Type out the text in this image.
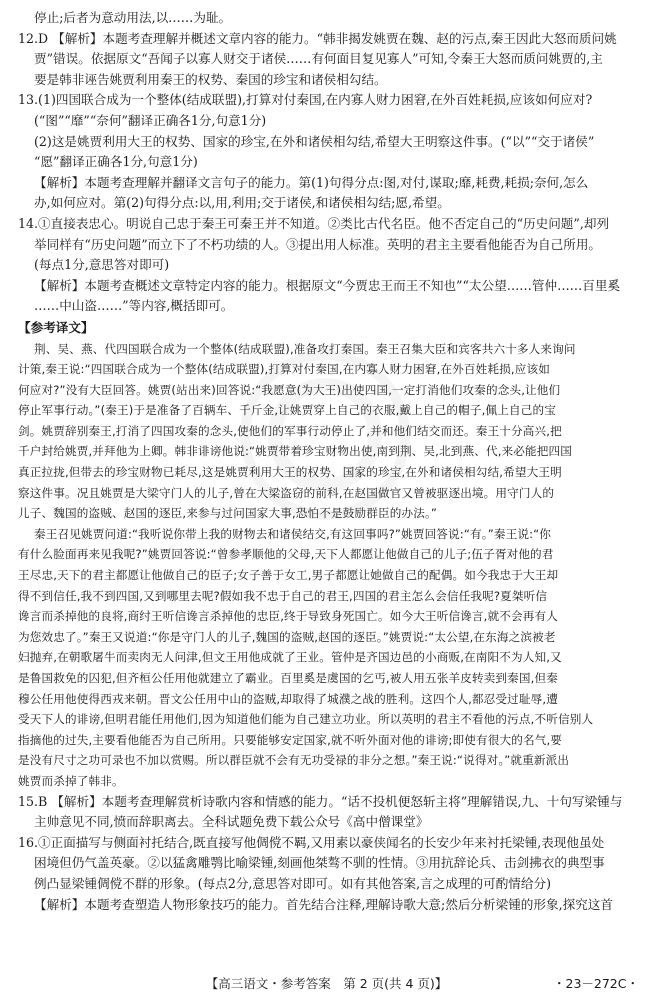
停止;后者为意动用法,以……为耻。
12.D 【解析】本题考查理解并概述文章内容的能力。“韩非揭发姚贾在魏、赵的污点,秦王因此大怒而质问姚
贾”错误。依据原文“吾闻子以寡人财交于诸侯……有何面目复见寡人”可知,令秦王大怒而质问姚贾的,主
要是韩非诬告姚贾利用秦王的权势、秦国的珍宝和诸侯相勾结。
13.(1)四国联合成为一个整体(结成联盟),打算对付秦国,在内寡人财力困窘,在外百姓耗损,应该如何应对?
(“图”“靡”“奈何”翻译正确各1分,句意1分)
(2)这是姚贾利用大王的权势、国家的珍宝,在外和诸侯相勾结,希望大王明察这件事。(“以”“交于诸侯”
“愿”翻译正确各1分,句意1分)
【解析】本题考查理解并翻译文言句子的能力。第(1)句得分点:图,对付,谋取;靡,耗费,耗损;奈何,怎么
办,如何应对。第(2)句得分点:以,用,利用;交于诸侯,和诸侯相勾结;愿,希望。
14.①直接表忠心。明说自己忠于秦王可秦王并不知道。②类比古代名臣。他不否定自己的“历史问题”,却列
举同样有“历史问题”而立下了不朽功绩的人。③提出用人标准。英明的君主主要看他能否为自己所用。
(每点1分,意思答对即可)
【解析】本题考查概述文章特定内容的能力。根据原文“今贾忠王而王不知也”“太公望……管仲……百里奚
……中山盗……”等内容,概括即可。
【参考译文】
荆、吴、燕、代四国联合成为一个整体(结成联盟),准备攻打秦国。秦王召集大臣和宾客共六十多人来询问
计策,秦王说:“四国联合成为一个整体(结成联盟),打算对付秦国,在内寡人财力困窘,在外百姓耗损,应该如
何应对?”没有大臣回答。姚贾(站出来)回答说:“我愿意(为大王)出使四国,一定打消他们攻秦的念头,让他们
停止军事行动。”(秦王)于是准备了百辆车、千斤金,让姚贾穿上自己的衣服,戴上自己的帽子,佩上自己的宝
剑。姚贾辞别秦王,打消了四国攻秦的念头,使他们的军事行动停止了,并和他们结交而还。秦王十分高兴,把
千户封给姚贾,并拜他为上卿。韩非诽谤他说:“姚贾带着珍宝财物出使,南到荆、吴,北到燕、代,来必能把四国
真正拉拢,但带去的珍宝财物已耗尽,这是姚贾利用大王的权势、国家的珍宝,在外和诸侯相勾结,希望大王明
察这件事。况且姚贾是大梁守门人的儿子,曾在大梁盗窃的前科,在赵国做官又曾被驱逐出境。用守门人的
儿子、魏国的盗贼、赵国的逐臣,来参与过问国家大事,恐怕不是鼓励群臣的办法。”
秦王召见姚贾问道:“我听说你带上我的财物去和诸侯结交,有这回事吗?”姚贾回答说:“有。”秦王说:“你
有什么脸面再来见我呢?”姚贾回答说:“曾参孝顺他的父母,天下人都愿让他做自己的儿子;伍子胥对他的君
王尽忠,天下的君主都愿让他做自己的臣子;女子善于女工,男子都愿让她做自己的配偶。如今我忠于大王却
得不到信任,我不到四国,又到哪里去呢?假如我不忠于自己的君王,四国的君主怎么会信任我呢?夏桀听信
谗言而杀掉他的良将,商纣王听信谗言杀掉他的忠臣,终于导致身死国亡。如今大王听信谗言,就不会再有人
为您效忠了。”秦王又说道:“你是守门人的儿子,魏国的盗贼,赵国的逐臣。”姚贾说:“太公望,在东海之滨被老
妇抛弃,在朝歌屠牛而卖肉无人问津,但文王用他成就了王业。管仲是齐国边邑的小商贩,在南阳不为人知,又
是鲁国救免的囚犯,但齐桓公任用他就建立了霸业。百里奚是虞国的乞丐,被人用五张羊皮转卖到秦国,但秦
穆公任用他使得西戎来朝。晋文公任用中山的盗贼,却取得了城濮之战的胜利。这四个人,都忍受过耻辱,遭
受天下人的诽谤,但明君能任用他们,因为知道他们能为自己建立功业。所以英明的君主不看他的污点,不听信别人
指摘他的过失,主要看他能否为自己所用。只要能够安定国家,就不听外面对他的诽谤;即使有很大的名气,要
是没有尺寸之功可录也不加以赏赐。所以群臣就不会有无功受禄的非分之想。”秦王说:“说得对。”就重新派出
姚贾而杀掉了韩非。
15.B 【解析】本题考查理解赏析诗歌内容和情感的能力。“话不投机便怒斩主将”理解错误,九、十句写梁锺与
主帅意见不同,愤而辞职离去。全科试题免费下载公众号《高中僧课堂》
16.①正面描写与侧面衬托结合,既直接写他倜傥不羁,又用素以豪侠闻名的长安少年来衬托梁锺,表现他虽处
困境但仍气盖英豪。②以猛禽雕鹗比喻梁锺,刻画他桀骜不驯的性情。③用抗辞论兵、击剑拂衣的典型事
例凸显梁锺倜傥不群的形象。(每点2分,意思答对即可。如有其他答案,言之成理的可酌情给分)
【解析】本题考查塑造人物形象技巧的能力。首先结合注释,理解诗歌大意;然后分析梁锺的形象,探究这首
【高三语文・参考答案　第 2 页(共 4 页)】	・23－272C・
